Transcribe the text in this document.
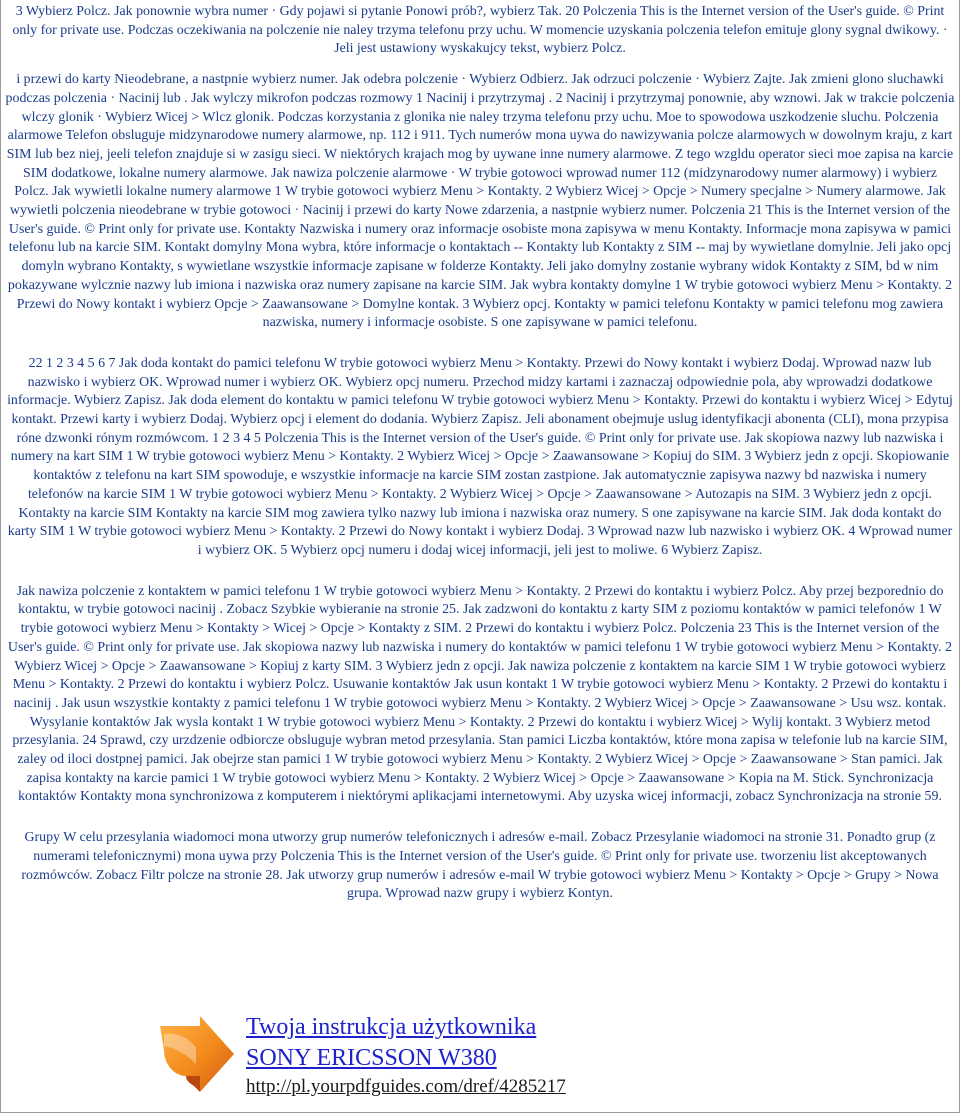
3 Wybierz Polcz. Jak ponownie wybra numer · Gdy pojawi si pytanie Ponowi prób?, wybierz Tak. 20 Polczenia This is the Internet version of the User's guide. © Print only for private use. Podczas oczekiwania na polczenie nie naley trzyma telefonu przy uchu. W momencie uzyskania polczenia telefon emituje glony sygnal dwikowy. · Jeli jest ustawiony wyskakujcy tekst, wybierz Polcz.

i przewi do karty Nieodebrane, a nastpnie wybierz numer. Jak odebra polczenie · Wybierz Odbierz. Jak odrzuci polczenie · Wybierz Zajte. Jak zmieni glono sluchawki podczas polczenia · Nacinij lub . Jak wylczy mikrofon podczas rozmowy 1 Nacinij i przytrzymaj . 2 Nacinij i przytrzymaj ponownie, aby wznowi. Jak w trakcie polczenia wlczy glonik · Wybierz Wicej > Wlcz glonik. Podczas korzystania z glonika nie naley trzyma telefonu przy uchu. Moe to spowodowa uszkodzenie sluchu. Polczenia alarmowe Telefon obsluguje midzynarodowe numery alarmowe, np. 112 i 911. Tych numerów mona uywa do nawizywania polcze alarmowych w dowolnym kraju, z kart SIM lub bez niej, jeeli telefon znajduje si w zasigu sieci. W niektórych krajach mog by uywane inne numery alarmowe. Z tego wzgldu operator sieci moe zapisa na karcie SIM dodatkowe, lokalne numery alarmowe. Jak nawiza polczenie alarmowe · W trybie gotowoci wprowad numer 112 (midzynarodowy numer alarmowy) i wybierz Polcz. Jak wywietli lokalne numery alarmowe 1 W trybie gotowoci wybierz Menu > Kontakty. 2 Wybierz Wicej > Opcje > Numery specjalne > Numery alarmowe. Jak wywietli polczenia nieodebrane w trybie gotowoci · Nacinij i przewi do karty Nowe zdarzenia, a nastpnie wybierz numer. Polczenia 21 This is the Internet version of the User's guide. © Print only for private use. Kontakty Nazwiska i numery oraz informacje osobiste mona zapisywa w menu Kontakty. Informacje mona zapisywa w pamici telefonu lub na karcie SIM. Kontakt domylny Mona wybra, które informacje o kontaktach -- Kontakty lub Kontakty z SIM -- maj by wywietlane domylnie. Jeli jako opcj domyln wybrano Kontakty, s wywietlane wszystkie informacje zapisane w folderze Kontakty. Jeli jako domylny zostanie wybrany widok Kontakty z SIM, bd w nim pokazywane wylcznie nazwy lub imiona i nazwiska oraz numery zapisane na karcie SIM. Jak wybra kontakty domylne 1 W trybie gotowoci wybierz Menu > Kontakty. 2 Przewi do Nowy kontakt i wybierz Opcje > Zaawansowane > Domylne kontak. 3 Wybierz opcj. Kontakty w pamici telefonu Kontakty w pamici telefonu mog zawiera nazwiska, numery i informacje osobiste. S one zapisywane w pamici telefonu.

22 1 2 3 4 5 6 7 Jak doda kontakt do pamici telefonu W trybie gotowoci wybierz Menu > Kontakty. Przewi do Nowy kontakt i wybierz Dodaj. Wprowad nazw lub nazwisko i wybierz OK. Wprowad numer i wybierz OK. Wybierz opcj numeru. Przechod midzy kartami i zaznaczaj odpowiednie pola, aby wprowadzi dodatkowe informacje. Wybierz Zapisz. Jak doda element do kontaktu w pamici telefonu W trybie gotowoci wybierz Menu > Kontakty. Przewi do kontaktu i wybierz Wicej > Edytuj kontakt. Przewi karty i wybierz Dodaj. Wybierz opcj i element do dodania. Wybierz Zapisz. Jeli abonament obejmuje uslug identyfikacji abonenta (CLI), mona przypisa róne dzwonki rónym rozmówcom. 1 2 3 4 5 Polczenia This is the Internet version of the User's guide. © Print only for private use. Jak skopiowa nazwy lub nazwiska i numery na kart SIM 1 W trybie gotowoci wybierz Menu > Kontakty. 2 Wybierz Wicej > Opcje > Zaawansowane > Kopiuj do SIM. 3 Wybierz jedn z opcji. Skopiowanie kontaktów z telefonu na kart SIM spowoduje, e wszystkie informacje na karcie SIM zostan zastpione. Jak automatycznie zapisywa nazwy bd nazwiska i numery telefonów na karcie SIM 1 W trybie gotowoci wybierz Menu > Kontakty. 2 Wybierz Wicej > Opcje > Zaawansowane > Autozapis na SIM. 3 Wybierz jedn z opcji. Kontakty na karcie SIM Kontakty na karcie SIM mog zawiera tylko nazwy lub imiona i nazwiska oraz numery. S one zapisywane na karcie SIM. Jak doda kontakt do karty SIM 1 W trybie gotowoci wybierz Menu > Kontakty. 2 Przewi do Nowy kontakt i wybierz Dodaj. 3 Wprowad nazw lub nazwisko i wybierz OK. 4 Wprowad numer i wybierz OK. 5 Wybierz opcj numeru i dodaj wicej informacji, jeli jest to moliwe. 6 Wybierz Zapisz.

Jak nawiza polczenie z kontaktem w pamici telefonu 1 W trybie gotowoci wybierz Menu > Kontakty. 2 Przewi do kontaktu i wybierz Polcz. Aby przej bezporednio do kontaktu, w trybie gotowoci nacinij . Zobacz Szybkie wybieranie na stronie 25. Jak zadzwoni do kontaktu z karty SIM z poziomu kontaktów w pamici telefonów 1 W trybie gotowoci wybierz Menu > Kontakty > Wicej > Opcje > Kontakty z SIM. 2 Przewi do kontaktu i wybierz Polcz. Polczenia 23 This is the Internet version of the User's guide. © Print only for private use. Jak skopiowa nazwy lub nazwiska i numery do kontaktów w pamici telefonu 1 W trybie gotowoci wybierz Menu > Kontakty. 2 Wybierz Wicej > Opcje > Zaawansowane > Kopiuj z karty SIM. 3 Wybierz jedn z opcji. Jak nawiza polczenie z kontaktem na karcie SIM 1 W trybie gotowoci wybierz Menu > Kontakty. 2 Przewi do kontaktu i wybierz Polcz. Usuwanie kontaktów Jak usun kontakt 1 W trybie gotowoci wybierz Menu > Kontakty. 2 Przewi do kontaktu i nacinij . Jak usun wszystkie kontakty z pamici telefonu 1 W trybie gotowoci wybierz Menu > Kontakty. 2 Wybierz Wicej > Opcje > Zaawansowane > Usu wsz. kontak. Wysylanie kontaktów Jak wysla kontakt 1 W trybie gotowoci wybierz Menu > Kontakty. 2 Przewi do kontaktu i wybierz Wicej > Wylij kontakt. 3 Wybierz metod przesylania. 24 Sprawd, czy urzdzenie odbiorcze obsluguje wybran metod przesylania. Stan pamici Liczba kontaktów, które mona zapisa w telefonie lub na karcie SIM, zaley od iloci dostpnej pamici. Jak obejrze stan pamici 1 W trybie gotowoci wybierz Menu > Kontakty. 2 Wybierz Wicej > Opcje > Zaawansowane > Stan pamici. Jak zapisa kontakty na karcie pamici 1 W trybie gotowoci wybierz Menu > Kontakty. 2 Wybierz Wicej > Opcje > Zaawansowane > Kopia na M. Stick. Synchronizacja kontaktów Kontakty mona synchronizowa z komputerem i niektórymi aplikacjami internetowymi. Aby uzyska wicej informacji, zobacz Synchronizacja na stronie 59.

Grupy W celu przesylania wiadomoci mona utworzy grup numerów telefonicznych i adresów e-mail. Zobacz Przesylanie wiadomoci na stronie 31. Ponadto grup (z numerami telefonicznymi) mona uywa przy Polczenia This is the Internet version of the User's guide. © Print only for private use. tworzeniu list akceptowanych rozmówców. Zobacz Filtr polcze na stronie 28. Jak utworzy grup numerów i adresów e-mail W trybie gotowoci wybierz Menu > Kontakty > Opcje > Grupy > Nowa grupa. Wprowad nazw grupy i wybierz Kontyn.

Twoja instrukcja użytkownika
SONY ERICSSON W380
http://pl.yourpdfguides.com/dref/4285217
